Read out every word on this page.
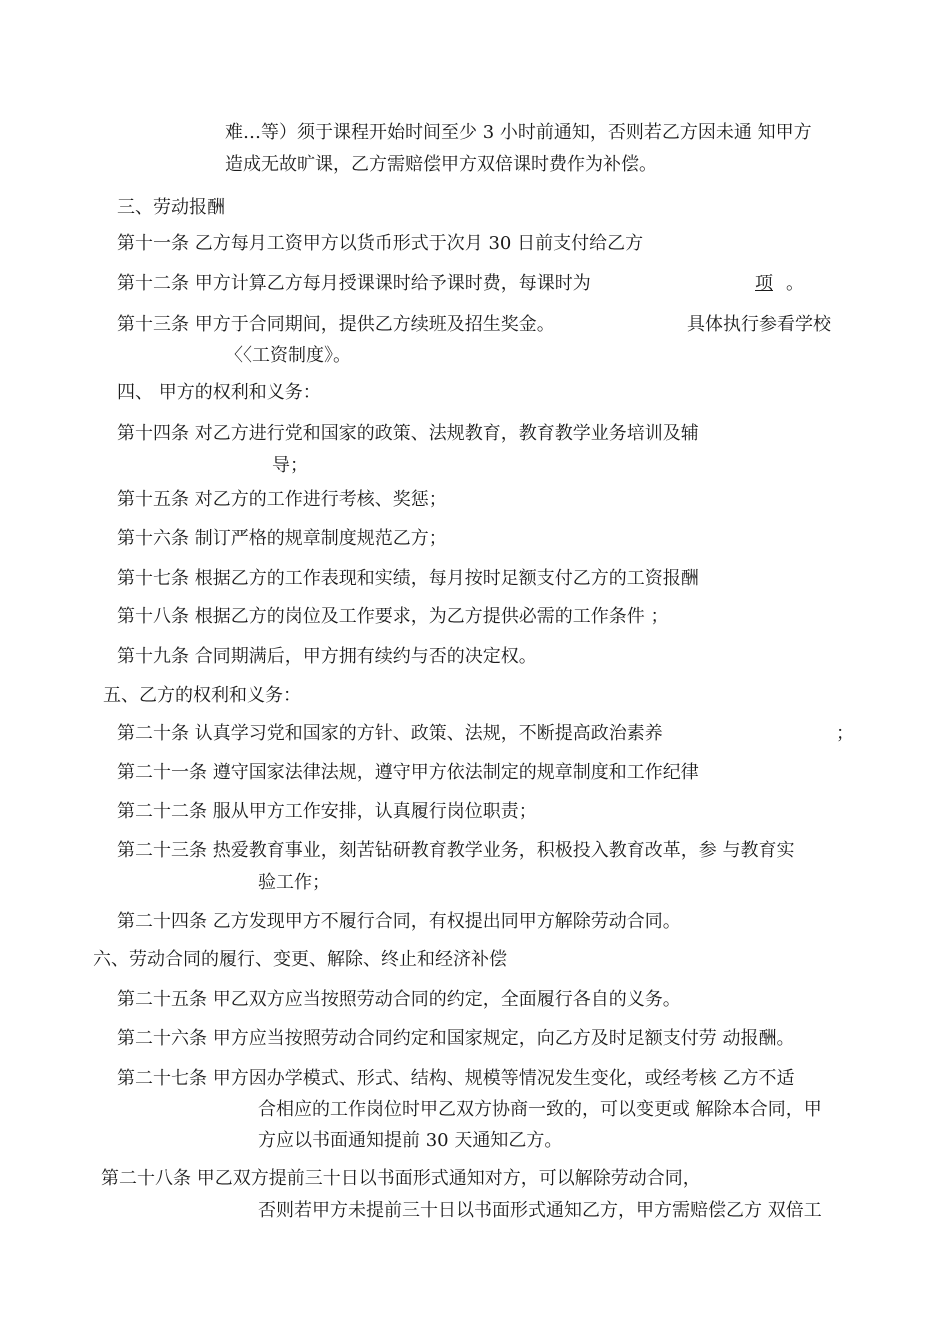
难…等）须于课程开始时间至少 3 小时前通知，否则若乙方因未通 知甲方
造成无故旷课，乙方需赔偿甲方双倍课时费作为补偿。
三、劳动报酬
第十一条 乙方每月工资甲方以货币形式于次月 30 日前支付给乙方
第十二条 甲方计算乙方每月授课课时给予课时费，每课时为	项 。
第十三条 甲方于合同期间，提供乙方续班及招生奖金。	具体执行参看学校
〈〈工资制度》。
四、 甲方的权利和义务：
第十四条 对乙方进行党和国家的政策、法规教育，教育教学业务培训及辅
导；
第十五条 对乙方的工作进行考核、奖惩；
第十六条 制订严格的规章制度规范乙方；
第十七条 根据乙方的工作表现和实绩，每月按时足额支付乙方的工资报酬
第十八条 根据乙方的岗位及工作要求，为乙方提供必需的工作条件 ；
第十九条 合同期满后，甲方拥有续约与否的决定权。
五、乙方的权利和义务：
第二十条 认真学习党和国家的方针、政策、法规，不断提高政治素养	；
第二十一条 遵守国家法律法规，遵守甲方依法制定的规章制度和工作纪律
第二十二条 服从甲方工作安排，认真履行岗位职责；
第二十三条 热爱教育事业，刻苦钻研教育教学业务，积极投入教育改革，参 与教育实
验工作；
第二十四条 乙方发现甲方不履行合同，有权提出同甲方解除劳动合同。
六、劳动合同的履行、变更、解除、终止和经济补偿
第二十五条 甲乙双方应当按照劳动合同的约定，全面履行各自的义务。
第二十六条 甲方应当按照劳动合同约定和国家规定，向乙方及时足额支付劳 动报酬。
第二十七条 甲方因办学模式、形式、结构、规模等情况发生变化，或经考核 乙方不适
合相应的工作岗位时甲乙双方协商一致的，可以变更或 解除本合同，甲
方应以书面通知提前 30 天通知乙方。
第二十八条 甲乙双方提前三十日以书面形式通知对方，可以解除劳动合同，
否则若甲方未提前三十日以书面形式通知乙方，甲方需赔偿乙方 双倍工
